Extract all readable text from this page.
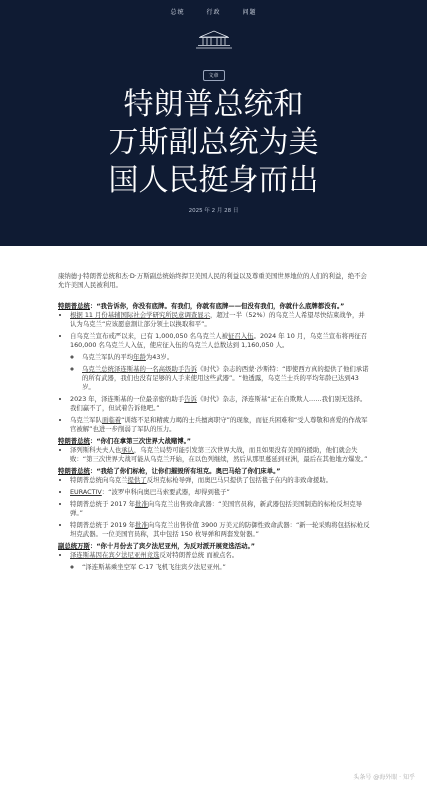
总统	行政	问题
文章
特朗普总统和
万斯副总统为美
国人民挺身而出
2025 年 2 月 28 日

康纳德·J·特朗普总统和杰·D·万斯副总统始终捍卫美国人民的利益以及尊重美国世界地位的人们的利益，绝不会允许美国人民被利用。

特朗普总统：“我告诉你，你没有底牌。有我们，你就有底牌——但没有我们，你就什么底牌都没有。”

• 根据 11 月份基辅国际社会学研究所民意调查显示，超过一半（52%）的乌克兰人希望尽快结束战争，并认为乌克兰“应该愿意割让部分领土以换取和平”。
• 自乌克兰宣布戒严以来，已有 1,000,050 名乌克兰人被征召入伍。2024 年 10 月，乌克兰宣布将再征召 160,000 名乌克兰人入伍，使应征入伍的乌克兰人总数达到 1,160,050 人。
◦ 乌克兰军队的平均年龄为43岁。
◦ 乌克兰总统泽连斯基的一名高级助手告诉《时代》杂志的西蒙·沙斯特：“即使西方真的提供了他们承诺的所有武器，我们也没有足够的人手来使用这些武器”。“他透露，乌克兰士兵的平均年龄已达到43岁。
• 2023 年，泽连斯基的一位最亲密的助手告诉《时代》杂志，泽连斯基“正在自欺欺人……我们别无选择。我们赢不了，但试着告诉他吧。”
• 乌克兰军队面临着“训练不足和精疲力竭的士兵擅离职守”的现象，而征兵困难和“受人尊敬和喜爱的作战军官被解”也进一步削弱了军队的压力。

特朗普总统：“你们在拿第三次世界大战赌博。”

• 泽列斯科夫夫人也承认，乌克兰局势可能引发第三次世界大战，而且如果没有美国的援助，他们就会失败：“第三次世界大战可能从乌克兰开始，在以色列继续，然后从那里蔓延到亚洲，最后在其他地方爆发。”

特朗普总统：“我给了你们标枪，让你们摧毁所有坦克。奥巴马给了你们床单。”

• 特朗普总统向乌克兰提供了反坦克标枪导弹，而奥巴马只提供了包括毯子在内的非致命援助。
• EURACTIV：“波罗申科向奥巴马索要武器，却得到毯子”
• 特朗普总统于 2017 年批准向乌克兰出售致命武器：“美国官员称，新武器包括美国制造的标枪反坦克导弹。”
• 特朗普总统于 2019 年批准向乌克兰出售价值 3900 万美元的防御性致命武器：“新一轮采购将包括标枪反坦克武器。一位美国官员称，其中包括 150 枚导弹和两套发射器。”

副总统万斯：“你十月份去了宾夕法尼亚州，为反对派开展竞选活动。”

• 泽连斯基因在宾夕法尼亚州竞选反对特朗普总统 而被点名。
◦ “泽连斯基乘坐空军 C-17 飞机飞往宾夕法尼亚州。”
头条号 @海外眼 · 知乎
